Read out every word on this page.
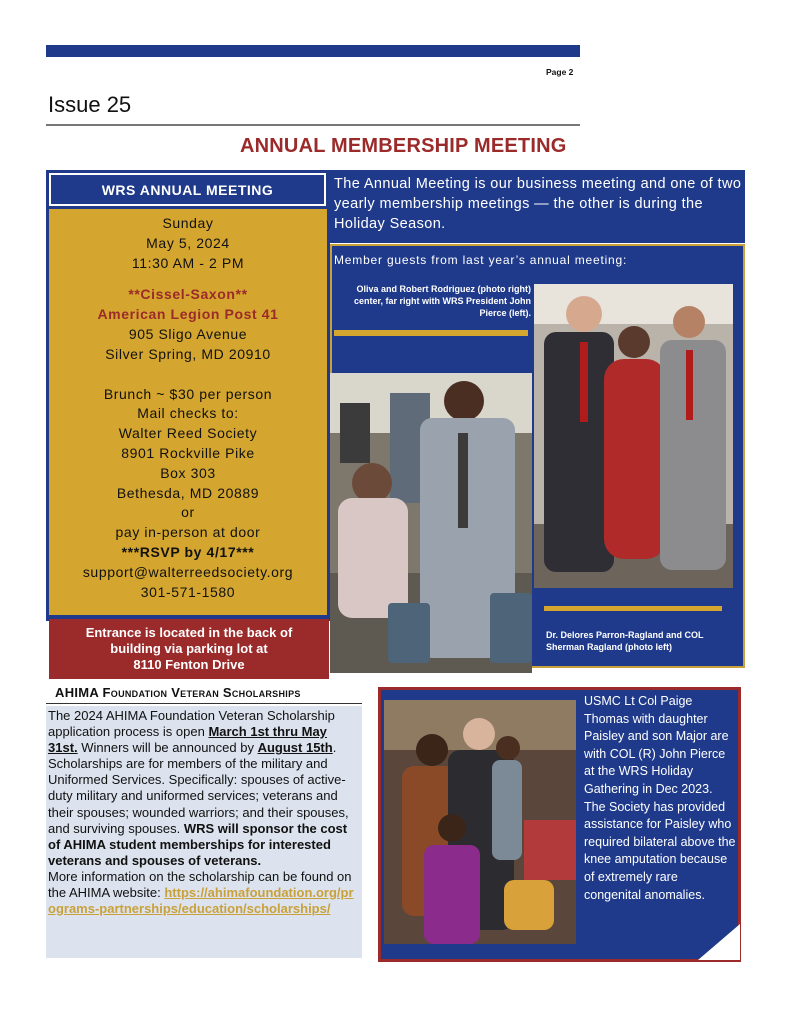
Page 2
Issue 25
ANNUAL MEMBERSHIP MEETING
WRS ANNUAL MEETING
Sunday
May 5, 2024
11:30 AM - 2 PM
**Cissel-Saxon**
American Legion Post 41
905 Sligo Avenue
Silver Spring, MD 20910
Brunch ~ $30 per person
Mail checks to:
Walter Reed Society
8901 Rockville Pike
Box 303
Bethesda, MD 20889
or
pay in-person at door
***RSVP by 4/17***
support@walterreedsociety.org
301-571-1580
Entrance is located in the back of
building via parking lot at
8110 Fenton Drive
The Annual Meeting is our business meeting and one of two yearly membership meetings — the other is during the Holiday Season.
Member guests from last year’s annual meeting:
Oliva and Robert Rodriguez (photo right) center, far right with WRS President John Pierce (left).
Dr. Delores Parron-Ragland and COL Sherman Ragland (photo left)
AHIMA Foundation Veteran Scholarships
The 2024 AHIMA Foundation Veteran Scholarship application process is open March 1st thru May 31st. Winners will be announced by August 15th. Scholarships are for members of the military and Uniformed Services. Specifically: spouses of active-duty military and uniformed services; veterans and their spouses; wounded warriors; and their spouses, and surviving spouses. WRS will sponsor the cost of AHIMA student memberships for interested veterans and spouses of veterans.
More information on the scholarship can be found on the AHIMA website: https://ahimafoundation.org/programs-partnerships/education/scholarships/
USMC Lt Col Paige Thomas with daughter Paisley and son Major are with COL (R) John Pierce at the WRS Holiday Gathering in Dec 2023. The Society has provided assistance for Paisley who required bilateral above the knee amputation because of extremely rare congenital anomalies.
